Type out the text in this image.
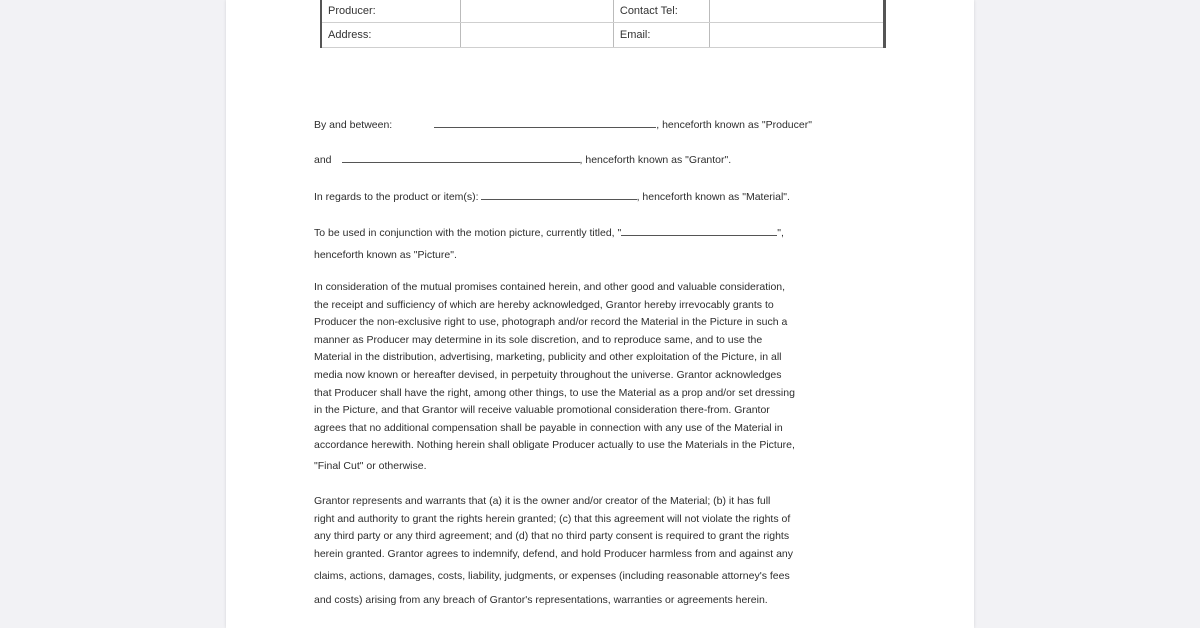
Producer:		Contact Tel:	
Address:		Email:	
By and between:	, henceforth known as "Producer"
and	, henceforth known as "Grantor".
In regards to the product or item(s):	, henceforth known as "Material".
To be used in conjunction with the motion picture, currently titled, "	",
henceforth known as "Picture".

In consideration of the mutual promises contained herein, and other good and valuable consideration,
the receipt and sufficiency of which are hereby acknowledged, Grantor hereby irrevocably grants to
Producer the non-exclusive right to use, photograph and/or record the Material in the Picture in such a
manner as Producer may determine in its sole discretion, and to reproduce same, and to use the
Material in the distribution, advertising, marketing, publicity and other exploitation of the Picture, in all
media now known or hereafter devised, in perpetuity throughout the universe. Grantor acknowledges
that Producer shall have the right, among other things, to use the Material as a prop and/or set dressing
in the Picture, and that Grantor will receive valuable promotional consideration there-from. Grantor
agrees that no additional compensation shall be payable in connection with any use of the Material in
accordance herewith. Nothing herein shall obligate Producer actually to use the Materials in the Picture,
"Final Cut" or otherwise.

Grantor represents and warrants that (a) it is the owner and/or creator of the Material; (b) it has full
right and authority to grant the rights herein granted; (c) that this agreement will not violate the rights of
any third party or any third agreement; and (d) that no third party consent is required to grant the rights
herein granted. Grantor agrees to indemnify, defend, and hold Producer harmless from and against any
claims, actions, damages, costs, liability, judgments, or expenses (including reasonable attorney's fees
and costs) arising from any breach of Grantor's representations, warranties or agreements herein.
